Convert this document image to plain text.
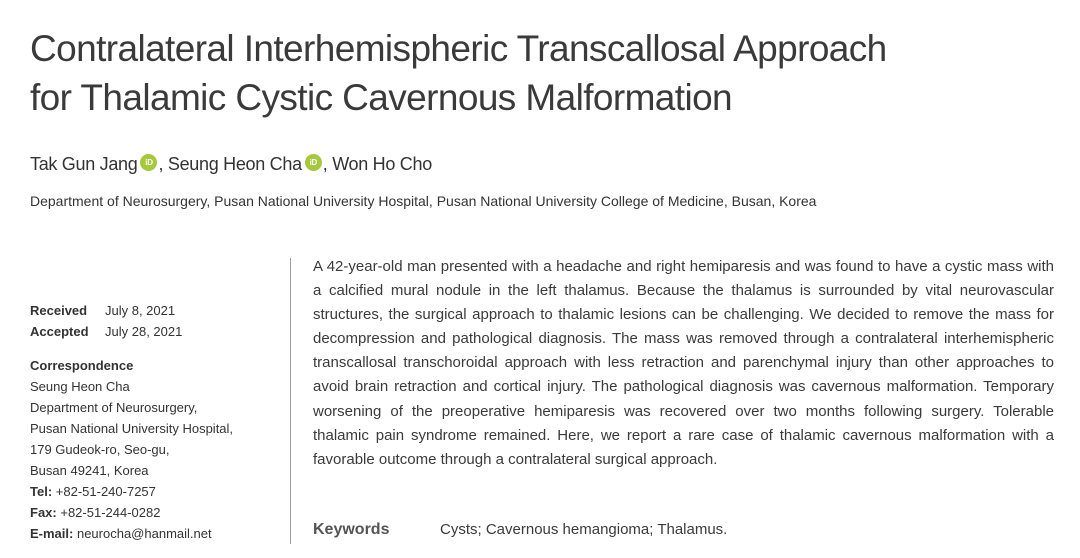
Contralateral Interhemispheric Transcallosal Approach
for Thalamic Cystic Cavernous Malformation
Tak Gun Jang iD , Seung Heon Cha iD , Won Ho Cho
Department of Neurosurgery, Pusan National University Hospital, Pusan National University College of Medicine, Busan, Korea
Received July 8, 2021
Accepted July 28, 2021
Correspondence
Seung Heon Cha
Department of Neurosurgery,
Pusan National University Hospital,
179 Gudeok-ro, Seo-gu,
Busan 49241, Korea
Tel: +82-51-240-7257
Fax: +82-51-244-0282
E-mail: neurocha@hanmail.net

A 42-year-old man presented with a headache and right hemiparesis and was found to have a cystic mass with a calcified mural nodule in the left thalamus. Because the thalamus is surrounded by vital neurovascular structures, the surgical approach to thalamic lesions can be challenging. We decided to remove the mass for decompression and pathological diagnosis. The mass was removed through a contralateral interhemispheric transcallosal transchoroidal approach with less retraction and parenchymal injury than other approaches to avoid brain retraction and cortical injury. The pathological diagnosis was cavernous malformation. Temporary worsening of the preoperative hemiparesis was recovered over two months following surgery. Tolerable thalamic pain syndrome remained. Here, we report a rare case of thalamic cavernous malformation with a favorable outcome through a contralateral surgical approach.

Keywords	Cysts; Cavernous hemangioma; Thalamus.
